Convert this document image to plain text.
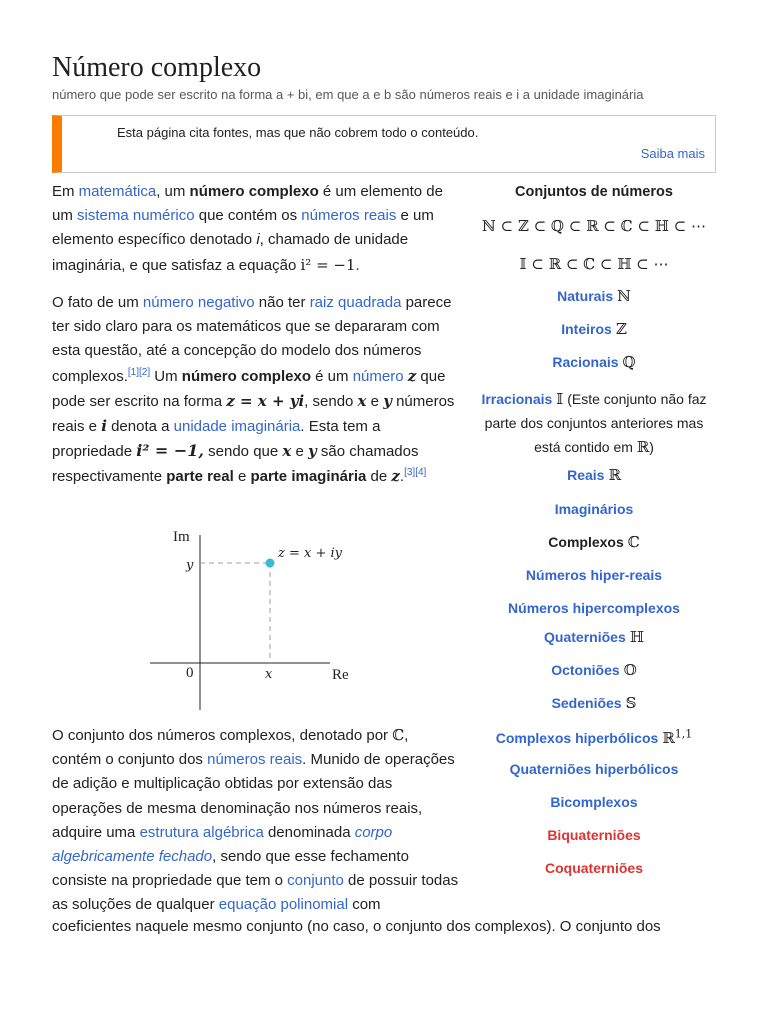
Número complexo
número que pode ser escrito na forma a + bi, em que a e b são números reais e i a unidade imaginária
Esta página cita fontes, mas que não cobrem todo o conteúdo.
Saiba mais
Em matemática, um número complexo é um elemento de um sistema numérico que contém os números reais e um elemento específico denotado i, chamado de unidade imaginária, e que satisfaz a equação i² = −1.
O fato de um número negativo não ter raiz quadrada parece ter sido claro para os matemáticos que se depararam com esta questão, até a concepção do modelo dos números complexos.[1][2] Um número complexo é um número z que pode ser escrito na forma z = x + yi, sendo x e y números reais e i denota a unidade imaginária. Esta tem a propriedade i² = −1, sendo que x e y são chamados respectivamente parte real e parte imaginária de z.[3][4]
Im
Re
0
y
x
z = x + iy
O conjunto dos números complexos, denotado por ℂ, contém o conjunto dos números reais. Munido de operações de adição e multiplicação obtidas por extensão das operações de mesma denominação nos números reais, adquire uma estrutura algébrica denominada corpo algebricamente fechado, sendo que esse fechamento consiste na propriedade que tem o conjunto de possuir todas as soluções de qualquer equação polinomial com
coeficientes naquele mesmo conjunto (no caso, o conjunto dos complexos). O conjunto dos
Conjuntos de números
ℕ ⊂ ℤ ⊂ ℚ ⊂ ℝ ⊂ ℂ ⊂ ℍ ⊂ ⋯
𝕀 ⊂ ℝ ⊂ ℂ ⊂ ℍ ⊂ ⋯
Naturais ℕ
Inteiros ℤ
Racionais ℚ
Irracionais 𝕀 (Este conjunto não faz parte dos conjuntos anteriores mas está contido em ℝ)
Reais ℝ
Imaginários
Complexos ℂ
Números hiper-reais
Números hipercomplexos
Quaterniões ℍ
Octoniões 𝕆
Sedeniões 𝕊
Complexos hiperbólicos ℝ$^{1,1}$
Quaterniões hiperbólicos
Bicomplexos
Biquaterniões
Coquaterniões
